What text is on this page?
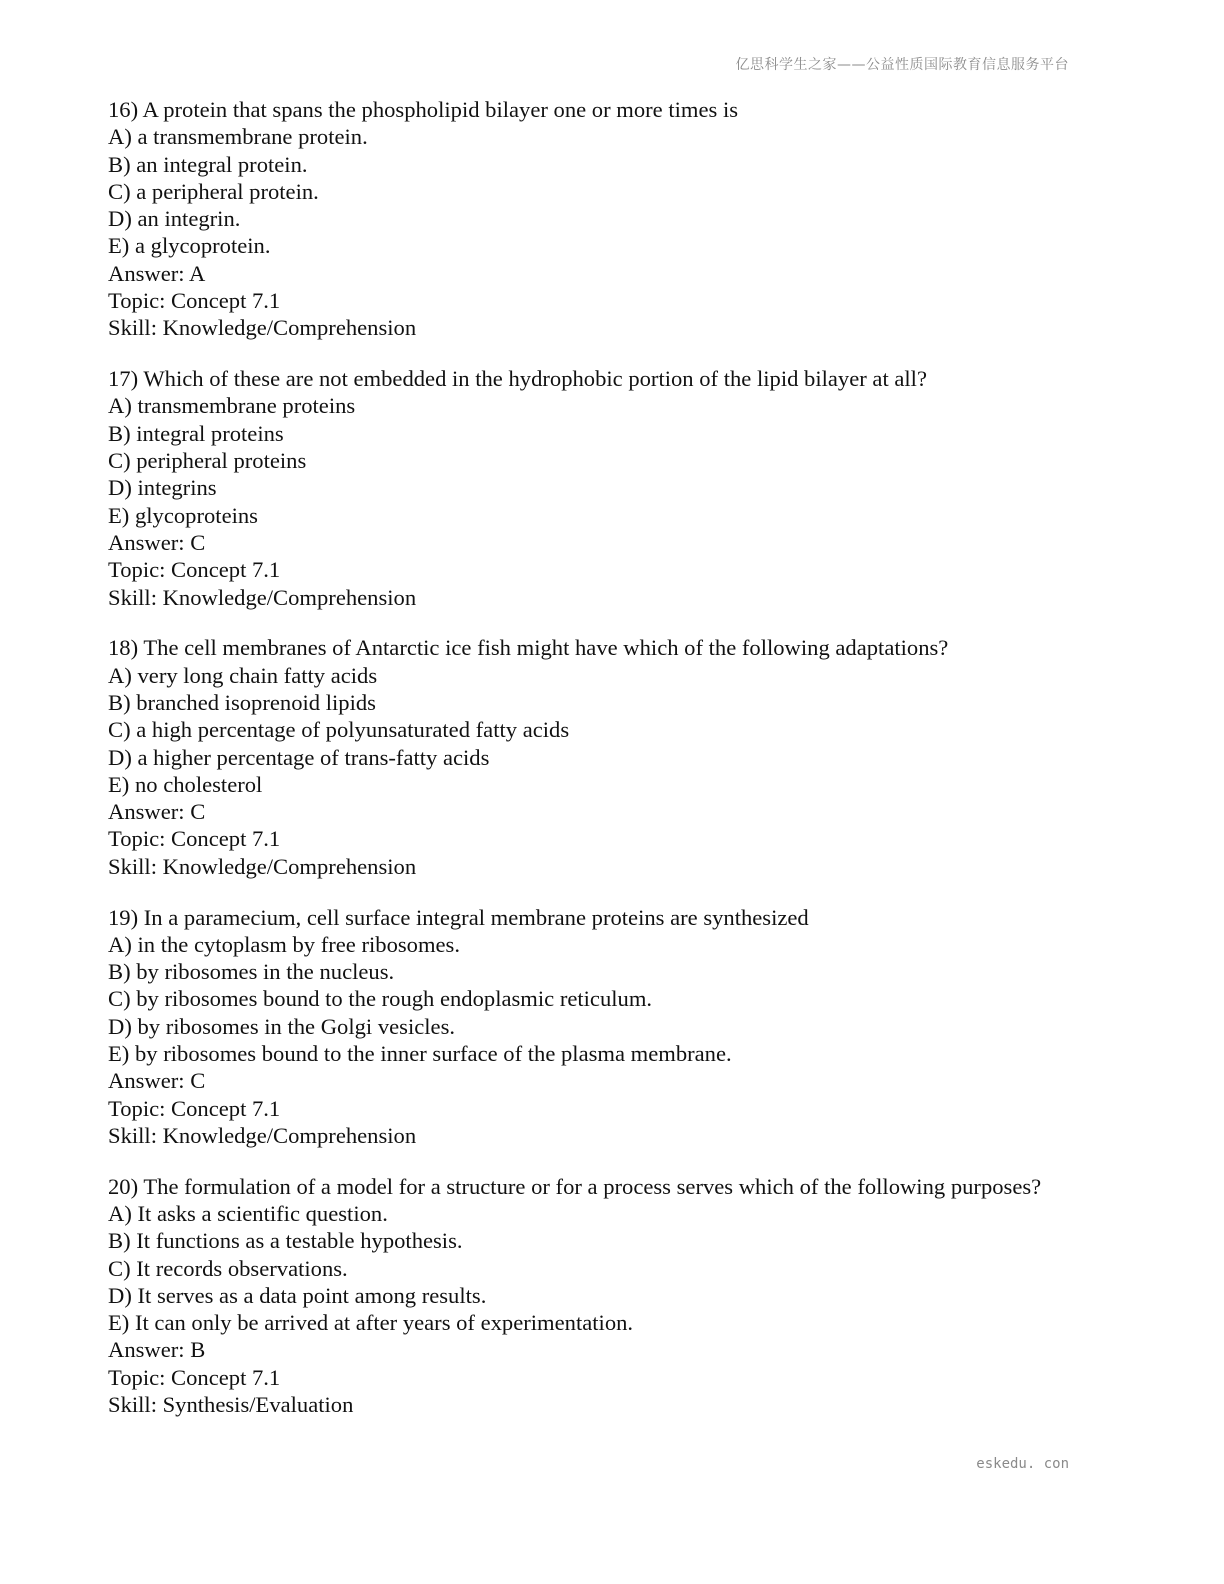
亿思科学生之家——公益性质国际教育信息服务平台
16) A protein that spans the phospholipid bilayer one or more times is
A) a transmembrane protein.
B) an integral protein.
C) a peripheral protein.
D) an integrin.
E) a glycoprotein.
Answer: A
Topic: Concept 7.1
Skill: Knowledge/Comprehension
17) Which of these are not embedded in the hydrophobic portion of the lipid bilayer at all?
A) transmembrane proteins
B) integral proteins
C) peripheral proteins
D) integrins
E) glycoproteins
Answer: C
Topic: Concept 7.1
Skill: Knowledge/Comprehension
18) The cell membranes of Antarctic ice fish might have which of the following adaptations?
A) very long chain fatty acids
B) branched isoprenoid lipids
C) a high percentage of polyunsaturated fatty acids
D) a higher percentage of trans-fatty acids
E) no cholesterol
Answer: C
Topic: Concept 7.1
Skill: Knowledge/Comprehension
19) In a paramecium, cell surface integral membrane proteins are synthesized
A) in the cytoplasm by free ribosomes.
B) by ribosomes in the nucleus.
C) by ribosomes bound to the rough endoplasmic reticulum.
D) by ribosomes in the Golgi vesicles.
E) by ribosomes bound to the inner surface of the plasma membrane.
Answer: C
Topic: Concept 7.1
Skill: Knowledge/Comprehension
20) The formulation of a model for a structure or for a process serves which of the following purposes?
A) It asks a scientific question.
B) It functions as a testable hypothesis.
C) It records observations.
D) It serves as a data point among results.
E) It can only be arrived at after years of experimentation.
Answer: B
Topic: Concept 7.1
Skill: Synthesis/Evaluation
eskedu. con
